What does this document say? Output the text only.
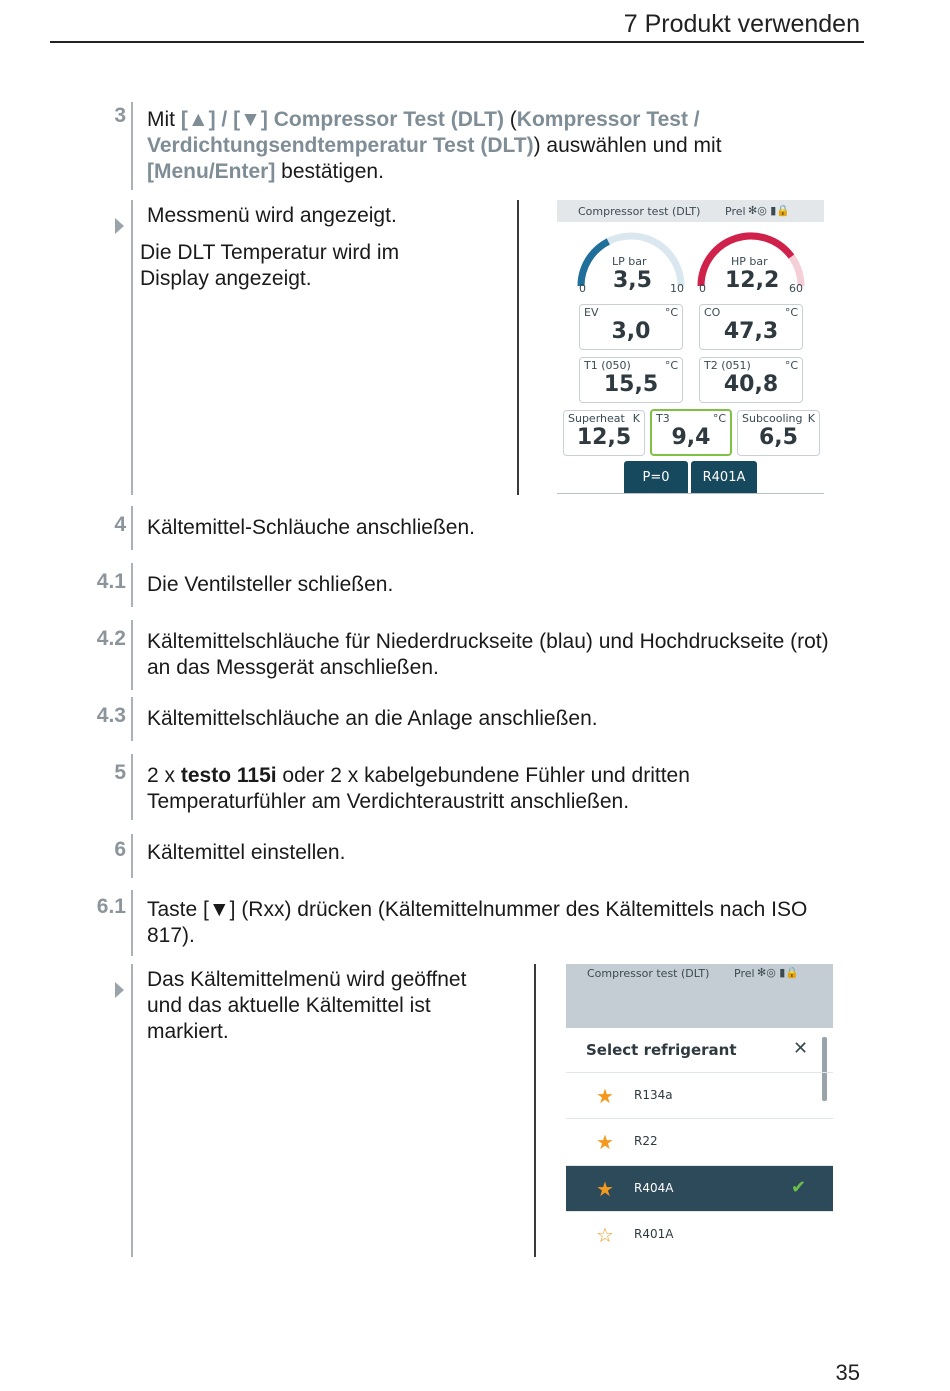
7 Produkt verwenden
3 Mit [▲] / [▼] Compressor Test (DLT) (Kompressor Test / Verdichtungsendtemperatur Test (DLT)) auswählen und mit [Menu/Enter] bestätigen.
Messmenü wird angezeigt.
Die DLT Temperatur wird im Display angezeigt.
Compressor test (DLT) Prel ✻◎ ▮🔒
LP bar
3,5
0	10
HP bar
12,2
0	60
EV	°C
3,0
CO	°C
47,3
T1 (050)	°C
15,5
T2 (051)	°C
40,8
Superheat K
12,5
T3	°C
9,4
Subcooling K
6,5
P=0	R401A
4 Kältemittel-Schläuche anschließen.
4.1 Die Ventilsteller schließen.
4.2 Kältemittelschläuche für Niederdruckseite (blau) und Hochdruckseite (rot) an das Messgerät anschließen.
4.3 Kältemittelschläuche an die Anlage anschließen.
5 2 x testo 115i oder 2 x kabelgebundene Fühler und dritten Temperaturfühler am Verdichteraustritt anschließen.
6 Kältemittel einstellen.
6.1 Taste [▼] (Rxx) drücken (Kältemittelnummer des Kältemittels nach ISO 817).
Das Kältemittelmenü wird geöffnet und das aktuelle Kältemittel ist markiert.
Compressor test (DLT) Prel ✻◎ ▮🔒
Select refrigerant	✕
★ R134a
★ R22
★ R404A	✔
☆ R401A
35
